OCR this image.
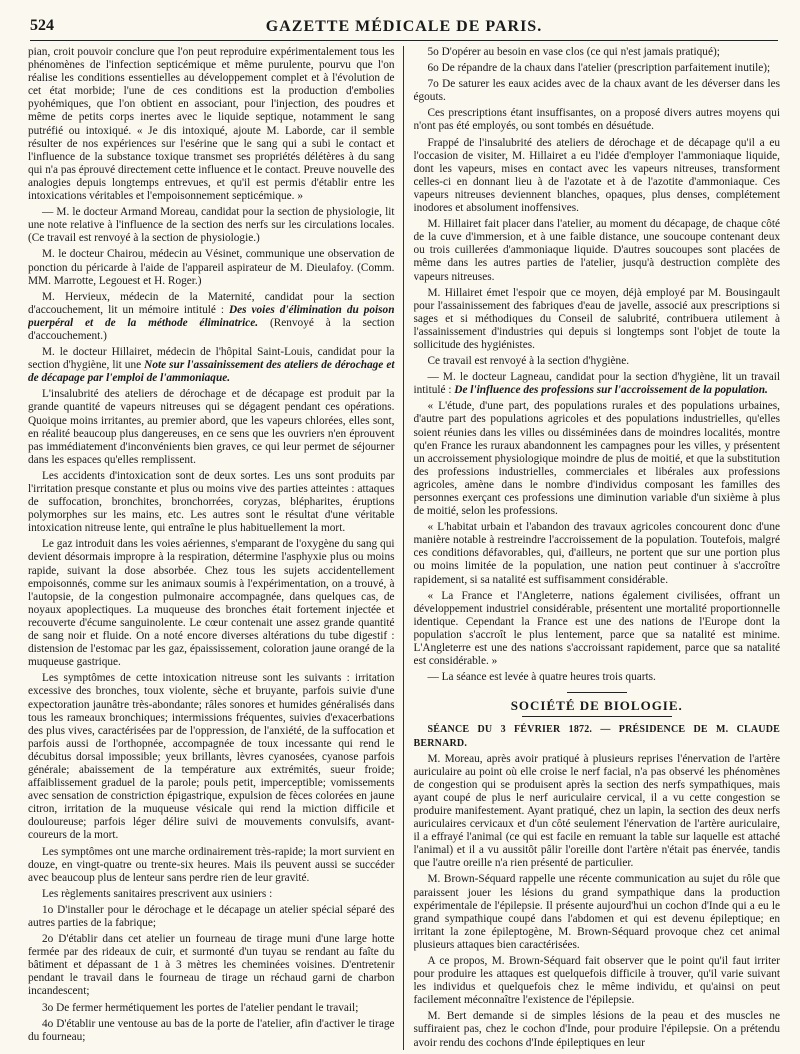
524	GAZETTE MÉDICALE DE PARIS.

pian, croit pouvoir conclure que l'on peut reproduire expérimentalement tous les phénomènes de l'infection septicémique et même purulente, pourvu que l'on réalise les conditions essentielles au développement complet et à l'évolution de cet état morbide; l'une de ces conditions est la production d'embolies pyohémiques, que l'on obtient en associant, pour l'injection, des poudres et même de petits corps inertes avec le liquide septique, notamment le sang putréfié ou intoxiqué. « Je dis intoxiqué, ajoute M. Laborde, car il semble résulter de nos expériences sur l'esérine que le sang qui a subi le contact et l'influence de la substance toxique transmet ses propriétés délétères à du sang qui n'a pas éprouvé directement cette influence et le contact. Preuve nouvelle des analogies depuis longtemps entrevues, et qu'il est permis d'établir entre les intoxications véritables et l'empoisonnement septicémique. »

— M. le docteur Armand Moreau, candidat pour la section de physiologie, lit une note relative à l'influence de la section des nerfs sur les circulations locales. (Ce travail est renvoyé à la section de physiologie.)

M. le docteur Chairou, médecin au Vésinet, communique une observation de ponction du péricarde à l'aide de l'appareil aspirateur de M. Dieulafoy. (Comm. MM. Marrotte, Legouest et H. Roger.)

M. Hervieux, médecin de la Maternité, candidat pour la section d'accouchement, lit un mémoire intitulé : Des voies d'élimination du poison puerpéral et de la méthode éliminatrice. (Renvoyé à la section d'accouchement.)

M. le docteur Hillairet, médecin de l'hôpital Saint-Louis, candidat pour la section d'hygiène, lit une Note sur l'assainissement des ateliers de dérochage et de décapage par l'emploi de l'ammoniaque.

L'insalubrité des ateliers de dérochage et de décapage est produit par la grande quantité de vapeurs nitreuses qui se dégagent pendant ces opérations. Quoique moins irritantes, au premier abord, que les vapeurs chlorées, elles sont, en réalité beaucoup plus dangereuses, en ce sens que les ouvriers n'en éprouvent pas immédiatement d'inconvénients bien graves, ce qui leur permet de séjourner dans les espaces qu'elles remplissent.

Les accidents d'intoxication sont de deux sortes. Les uns sont produits par l'irritation presque constante et plus ou moins vive des parties atteintes : attaques de suffocation, bronchites, bronchorrées, coryzas, blépharites, éruptions polymorphes sur les mains, etc. Les autres sont le résultat d'une véritable intoxication nitreuse lente, qui entraîne le plus habituellement la mort.

Le gaz introduit dans les voies aériennes, s'emparant de l'oxygène du sang qui devient désormais impropre à la respiration, détermine l'asphyxie plus ou moins rapide, suivant la dose absorbée. Chez tous les sujets accidentellement empoisonnés, comme sur les animaux soumis à l'expérimentation, on a trouvé, à l'autopsie, de la congestion pulmonaire accompagnée, dans quelques cas, de noyaux apoplectiques. La muqueuse des bronches était fortement injectée et recouverte d'écume sanguinolente. Le cœur contenait une assez grande quantité de sang noir et fluide. On a noté encore diverses altérations du tube digestif : distension de l'estomac par les gaz, épaississement, coloration jaune orangé de la muqueuse gastrique.

Les symptômes de cette intoxication nitreuse sont les suivants : irritation excessive des bronches, toux violente, sèche et bruyante, parfois suivie d'une expectoration jaunâtre très-abondante; râles sonores et humides généralisés dans tous les rameaux bronchiques; intermissions fréquentes, suivies d'exacerbations des plus vives, caractérisées par de l'oppression, de l'anxiété, de la suffocation et parfois aussi de l'orthopnée, accompagnée de toux incessante qui rend le décubitus dorsal impossible; yeux brillants, lèvres cyanosées, cyanose parfois générale; abaissement de la température aux extrémités, sueur froide; affaiblissement graduel de la parole; pouls petit, imperceptible; vomissements avec sensation de constriction épigastrique, expulsion de fèces colorées en jaune citron, irritation de la muqueuse vésicale qui rend la miction difficile et douloureuse; parfois léger délire suivi de mouvements convulsifs, avant-coureurs de la mort.

Les symptômes ont une marche ordinairement très-rapide; la mort survient en douze, en vingt-quatre ou trente-six heures. Mais ils peuvent aussi se succéder avec beaucoup plus de lenteur sans perdre rien de leur gravité.

Les règlements sanitaires prescrivent aux usiniers :

1o D'installer pour le dérochage et le décapage un atelier spécial séparé des autres parties de la fabrique;

2o D'établir dans cet atelier un fourneau de tirage muni d'une large hotte fermée par des rideaux de cuir, et surmonté d'un tuyau se rendant au faîte du bâtiment et dépassant de 1 à 3 mètres les cheminées voisines. D'entretenir pendant le travail dans le fourneau de tirage un réchaud garni de charbon incandescent;

3o De fermer hermétiquement les portes de l'atelier pendant le travail;

4o D'établir une ventouse au bas de la porte de l'atelier, afin d'activer le tirage du fourneau;

5o D'opérer au besoin en vase clos (ce qui n'est jamais pratiqué);

6o De répandre de la chaux dans l'atelier (prescription parfaitement inutile);

7o De saturer les eaux acides avec de la chaux avant de les déverser dans les égouts.

Ces prescriptions étant insuffisantes, on a proposé divers autres moyens qui n'ont pas été employés, ou sont tombés en désuétude.

Frappé de l'insalubrité des ateliers de dérochage et de décapage qu'il a eu l'occasion de visiter, M. Hillairet a eu l'idée d'employer l'ammoniaque liquide, dont les vapeurs, mises en contact avec les vapeurs nitreuses, transforment celles-ci en donnant lieu à de l'azotate et à de l'azotite d'ammoniaque. Ces vapeurs nitreuses deviennent blanches, opaques, plus denses, complétement inodores et absolument inoffensives.

M. Hillairet fait placer dans l'atelier, au moment du décapage, de chaque côté de la cuve d'immersion, et à une faible distance, une soucoupe contenant deux ou trois cuillerées d'ammoniaque liquide. D'autres soucoupes sont placées de même dans les autres parties de l'atelier, jusqu'à destruction complète des vapeurs nitreuses.

M. Hillairet émet l'espoir que ce moyen, déjà employé par M. Bousingault pour l'assainissement des fabriques d'eau de javelle, associé aux prescriptions si sages et si méthodiques du Conseil de salubrité, contribuera utilement à l'assainissement d'industries qui depuis si longtemps sont l'objet de toute la sollicitude des hygiénistes.

Ce travail est renvoyé à la section d'hygiène.

— M. le docteur Lagneau, candidat pour la section d'hygiène, lit un travail intitulé : De l'influence des professions sur l'accroissement de la population.

« L'étude, d'une part, des populations rurales et des populations urbaines, d'autre part des populations agricoles et des populations industrielles, qu'elles soient réunies dans les villes ou disséminées dans de moindres localités, montre qu'en France les ruraux abandonnent les campagnes pour les villes, y présentent un accroissement physiologique moindre de plus de moitié, et que la substitution des professions industrielles, commerciales et libérales aux professions agricoles, amène dans le nombre d'individus composant les familles des personnes exerçant ces professions une diminution variable d'un sixième à plus de moitié, selon les professions.

« L'habitat urbain et l'abandon des travaux agricoles concourent donc d'une manière notable à restreindre l'accroissement de la population. Toutefois, malgré ces conditions défavorables, qui, d'ailleurs, ne portent que sur une portion plus ou moins limitée de la population, une nation peut continuer à s'accroître rapidement, si sa natalité est suffisamment considérable.

« La France et l'Angleterre, nations également civilisées, offrant un développement industriel considérable, présentent une mortalité proportionnelle identique. Cependant la France est une des nations de l'Europe dont la population s'accroît le plus lentement, parce que sa natalité est minime. L'Angleterre est une des nations s'accroissant rapidement, parce que sa natalité est considérable. »

— La séance est levée à quatre heures trois quarts.

SOCIÉTÉ DE BIOLOGIE.

SÉANCE DU 3 FÉVRIER 1872. — PRÉSIDENCE DE M. CLAUDE BERNARD.

M. Moreau, après avoir pratiqué à plusieurs reprises l'énervation de l'artère auriculaire au point où elle croise le nerf facial, n'a pas observé les phénomènes de congestion qui se produisent après la section des nerfs sympathiques, mais ayant coupé de plus le nerf auriculaire cervical, il a vu cette congestion se produire manifestement. Ayant pratiqué, chez un lapin, la section des deux nerfs auriculaires cervicaux et d'un côté seulement l'énervation de l'artère auriculaire, il a effrayé l'animal (ce qui est facile en remuant la table sur laquelle est attaché l'animal) et il a vu aussitôt pâlir l'oreille dont l'artère n'était pas énervée, tandis que l'autre oreille n'a rien présenté de particulier.

M. Brown-Séquard rappelle une récente communication au sujet du rôle que paraissent jouer les lésions du grand sympathique dans la production expérimentale de l'épilepsie. Il présente aujourd'hui un cochon d'Inde qui a eu le grand sympathique coupé dans l'abdomen et qui est devenu épileptique; en irritant la zone épileptogène, M. Brown-Séquard provoque chez cet animal plusieurs attaques bien caractérisées.

A ce propos, M. Brown-Séquard fait observer que le point qu'il faut irriter pour produire les attaques est quelquefois difficile à trouver, qu'il varie suivant les individus et quelquefois chez le même individu, et qu'ainsi on peut facilement méconnaître l'existence de l'épilepsie.

M. Bert demande si de simples lésions de la peau et des muscles ne suffiraient pas, chez le cochon d'Inde, pour produire l'épilepsie. On a prétendu avoir rendu des cochons d'Inde épileptiques en leur
